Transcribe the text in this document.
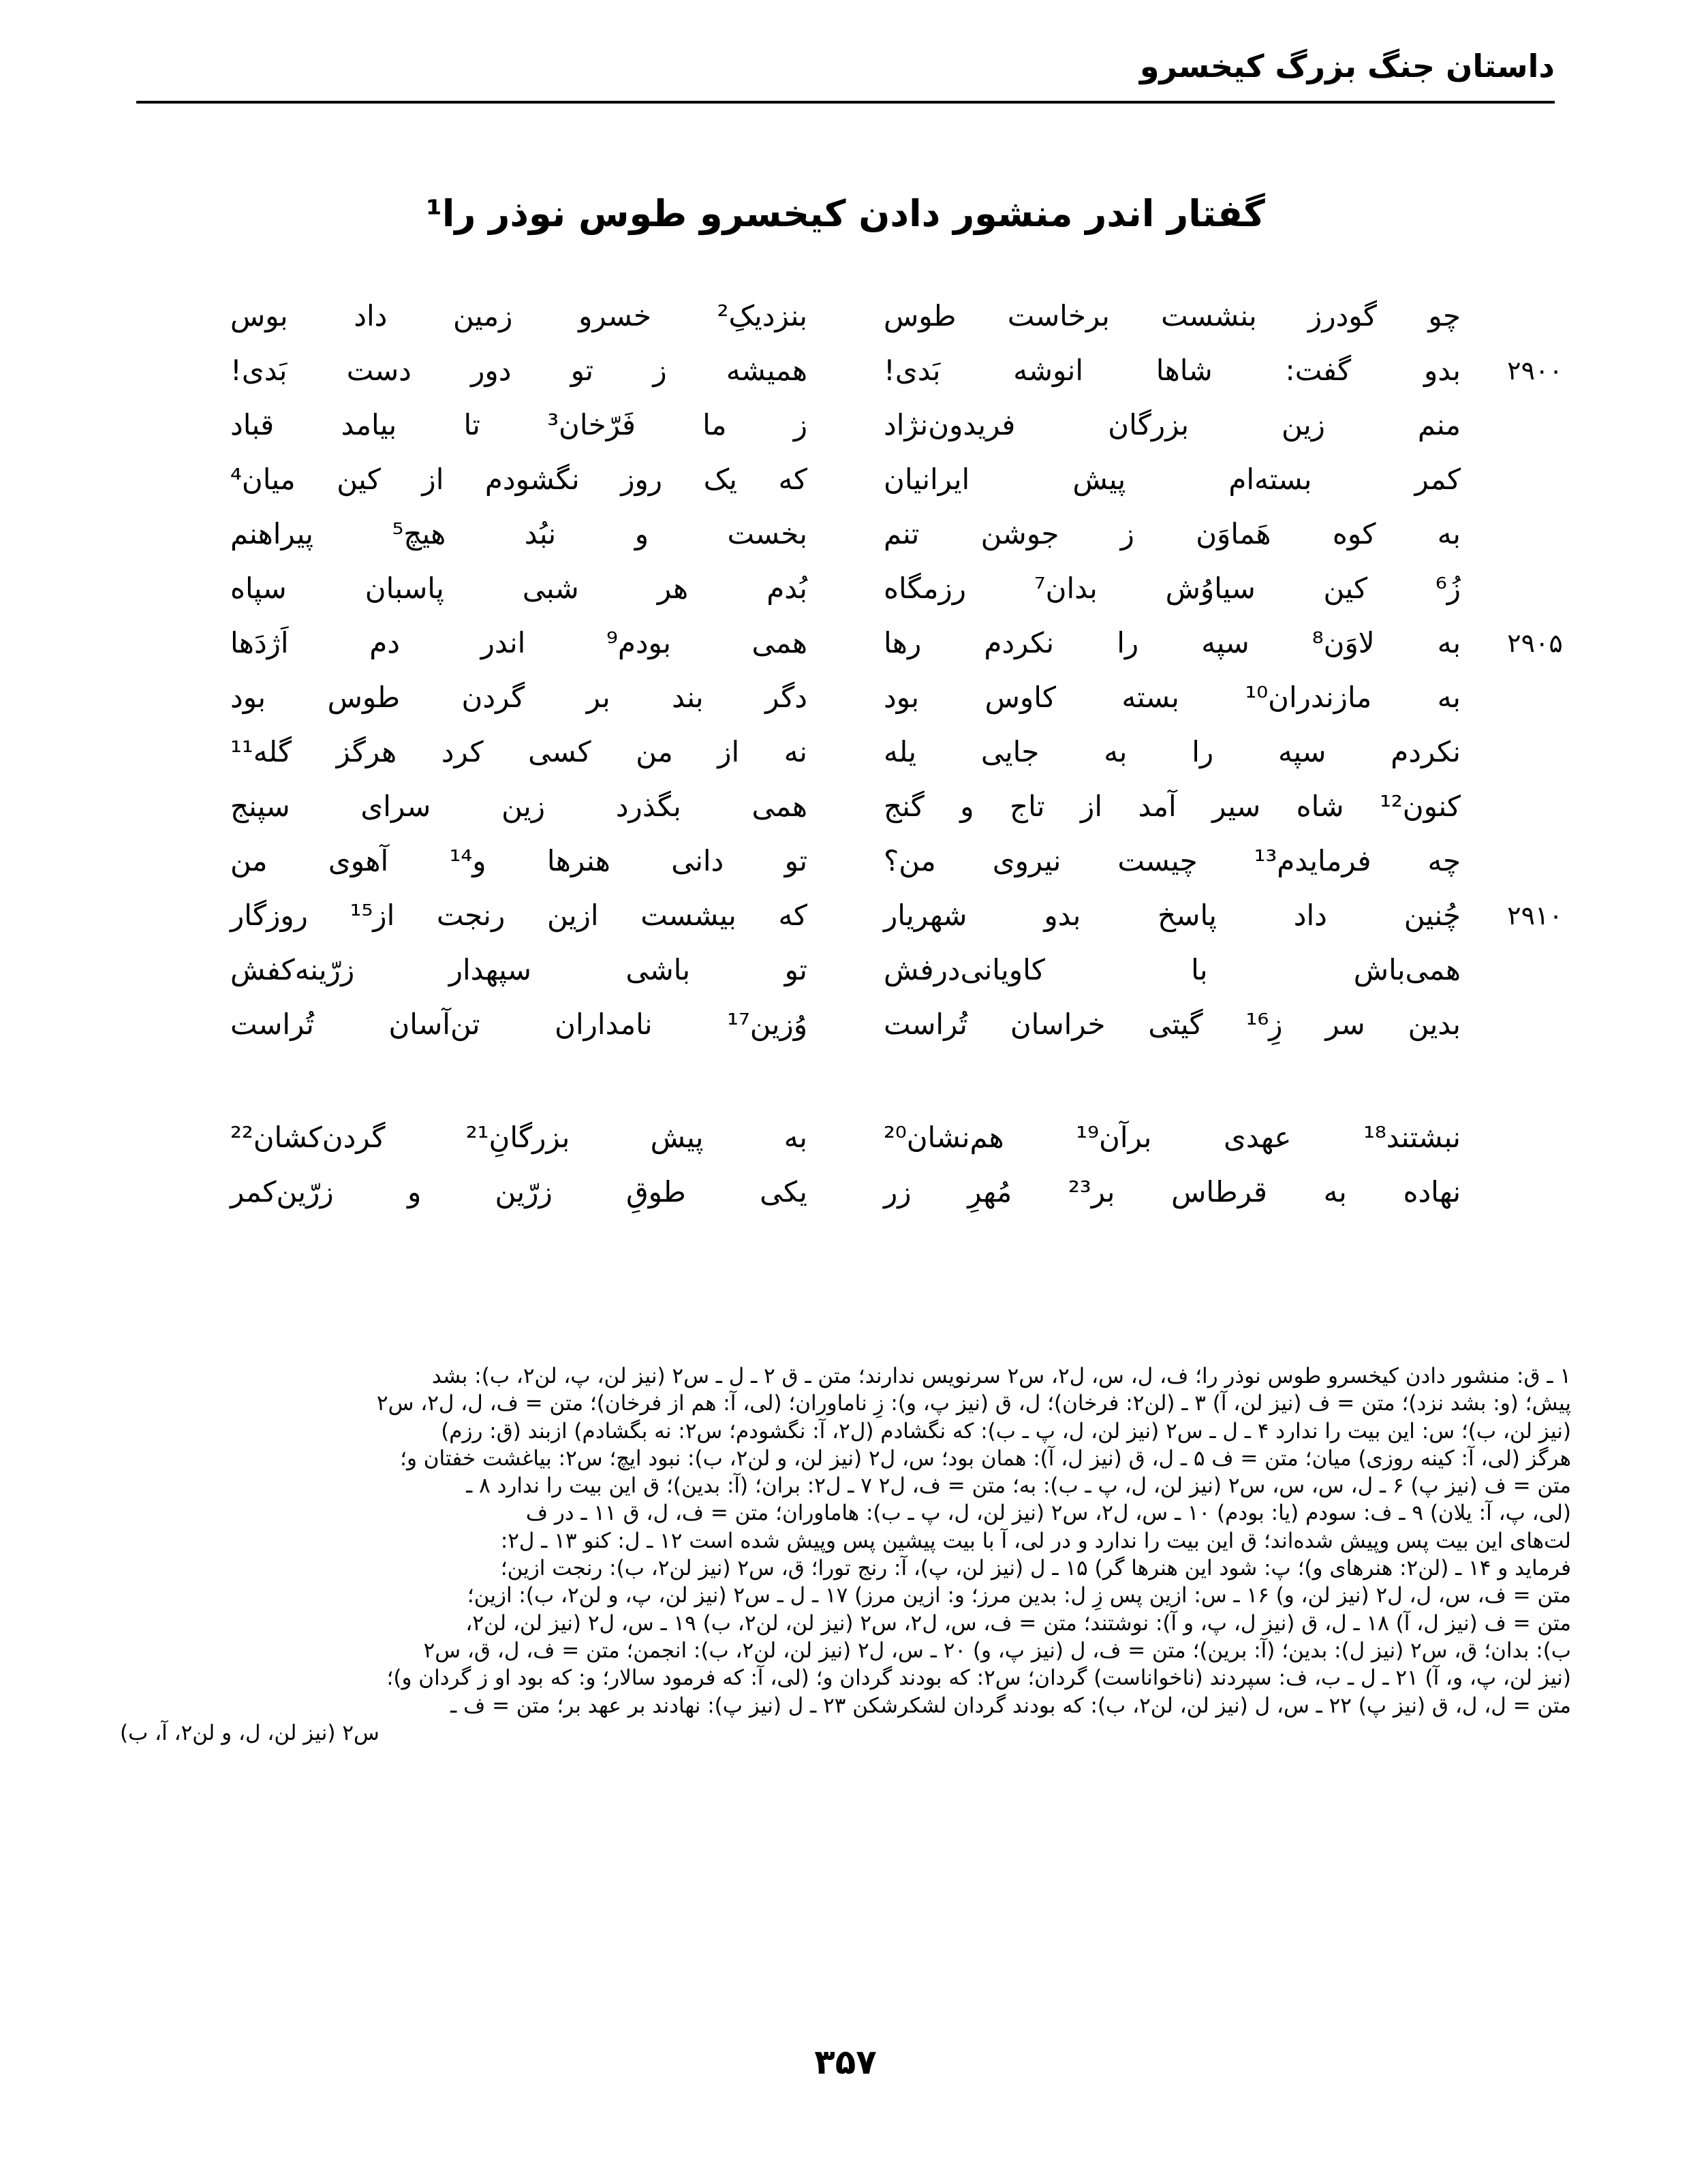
داستان جنگ بزرگ کیخسرو
گفتار اندر منشور دادن کیخسرو طوس نوذر را¹
چو گودرز بنشست برخاست طوس
بنزدیکِ² خسرو زمین داد بوس
۲۹۰۰
بدو گفت: شاها انوشه بَدی!
همیشه ز تو دور دست بَدی!
منم زین بزرگان فریدون‌نژاد
ز ما فَرّخان³ تا بیامد قباد
کمر بسته‌ام پیش ایرانیان
که یک روز نگشودم از کین میان⁴
به کوه هَماوَن ز جوشن تنم
بخست و نبُد هیچ⁵ پیراهنم
زُ⁶ کین سیاوُش بدان⁷ رزمگاه
بُدم هر شبی پاسبان سپاه
۲۹۰۵
به لاوَن⁸ سپه را نکردم رها
همی بودم⁹ اندر دم اَژدَها
به مازندران¹⁰ بسته کاوس بود
دگر بند بر گردن طوس بود
نکردم سپه را به جایی یله
نه از من کسی کرد هرگز گله¹¹
کنون¹² شاه سیر آمد از تاج و گنج
همی بگذرد زین سرای سپنج
چه فرمایدم¹³ چیست نیروی من؟
تو دانی هنرها و¹⁴ آهوی من
۲۹۱۰
چُنین داد پاسخ بدو شهریار
که بیشست ازین رنجت از¹⁵ روزگار
همی‌باش با کاویانی‌درفش
تو باشی سپهدار زرّینه‌کفش
بدین سر زِ¹⁶ گیتی خراسان تُراست
وُزین¹⁷ نامداران تن‌آسان تُراست
نبشتند¹⁸ عهدی برآن¹⁹ هم‌نشان²⁰
به پیش بزرگانِ²¹ گردن‌کشان²²
نهاده به قرطاس بر²³ مُهرِ زر
یکی طوقِ زرّین و زرّین‌کمر
۱ ـ ق: منشور دادن کیخسرو طوس نوذر را؛ ف، ل، س، ل۲، س۲ سرنویس ندارند؛ متن ـ ق ۲ ـ ل ـ س۲ (نیز لن، پ، لن۲، ب): بشد
پیش؛ (و: بشد نزد)؛ متن = ف (نیز لن، آ) ۳ ـ (لن۲: فرخان)؛ ل، ق (نیز پ، و): زِ ناماوران؛ (لی، آ: هم از فرخان)؛ متن = ف، ل، ل۲، س۲
(نیز لن، ب)؛ س: این بیت را ندارد ۴ ـ ل ـ س۲ (نیز لن، ل، پ ـ ب): که نگشادم (ل۲، آ: نگشودم؛ س۲: نه بگشادم) ازبند (ق: رزم)
هرگز (لی، آ: کینه روزی) میان؛ متن = ف ۵ ـ ل، ق (نیز ل، آ): همان بود؛ س، ل۲ (نیز لن، و لن۲، ب): نبود ایچ؛ س۲: بیاغشت خفتان و؛
متن = ف (نیز پ) ۶ ـ ل، س، س، س۲ (نیز لن، ل، پ ـ ب): به؛ متن = ف، ل۲ ۷ ـ ل۲: بران؛ (آ: بدین)؛ ق این بیت را ندارد ۸ ـ
(لی، پ، آ: یلان) ۹ ـ ف: سودم (یا: بودم) ۱۰ ـ س، ل۲، س۲ (نیز لن، ل، پ ـ ب): هاماوران؛ متن = ف، ل، ق ۱۱ ـ در ف
لت‌های این بیت پس وپیش شده‌اند؛ ق این بیت را ندارد و در لی، آ با بیت پیشین پس وپیش شده است ۱۲ ـ ل: کنو ۱۳ ـ ل۲:
فرماید و ۱۴ ـ (لن۲: هنرهای و)؛ پ: شود این هنرها گر) ۱۵ ـ ل (نیز لن، پ)، آ: رنج تورا؛ ق، س۲ (نیز لن۲، ب): رنجت ازین؛
متن = ف، س، ل، ل۲ (نیز لن، و) ۱۶ ـ س: ازین پس زِ ل: بدین مرز؛ و: ازین مرز) ۱۷ ـ ل ـ س۲ (نیز لن، پ، و لن۲، ب): ازین؛
متن = ف (نیز ل، آ) ۱۸ ـ ل، ق (نیز ل، پ، و آ): نوشتند؛ متن = ف، س، ل۲، س۲ (نیز لن، لن۲، ب) ۱۹ ـ س، ل۲ (نیز لن، لن۲،
ب): بدان؛ ق، س۲ (نیز ل): بدین؛ (آ: برین)؛ متن = ف، ل (نیز پ، و) ۲۰ ـ س، ل۲ (نیز لن، لن۲، ب): انجمن؛ متن = ف، ل، ق، س۲
(نیز لن، پ، و، آ) ۲۱ ـ ل ـ ب، ف: سپردند (ناخواناست) گردان؛ س۲: که بودند گردان و؛ (لی، آ: که فرمود سالار؛ و: که بود او ز گردان و)؛
متن = ل، ل، ق (نیز پ) ۲۲ ـ س، ل (نیز لن، لن۲، ب): که بودند گردان لشکرشکن ۲۳ ـ ل (نیز پ): نهادند بر عهد بر؛ متن = ف ـ
س۲ (نیز لن، ل، و لن۲، آ، ب)
۳۵۷
